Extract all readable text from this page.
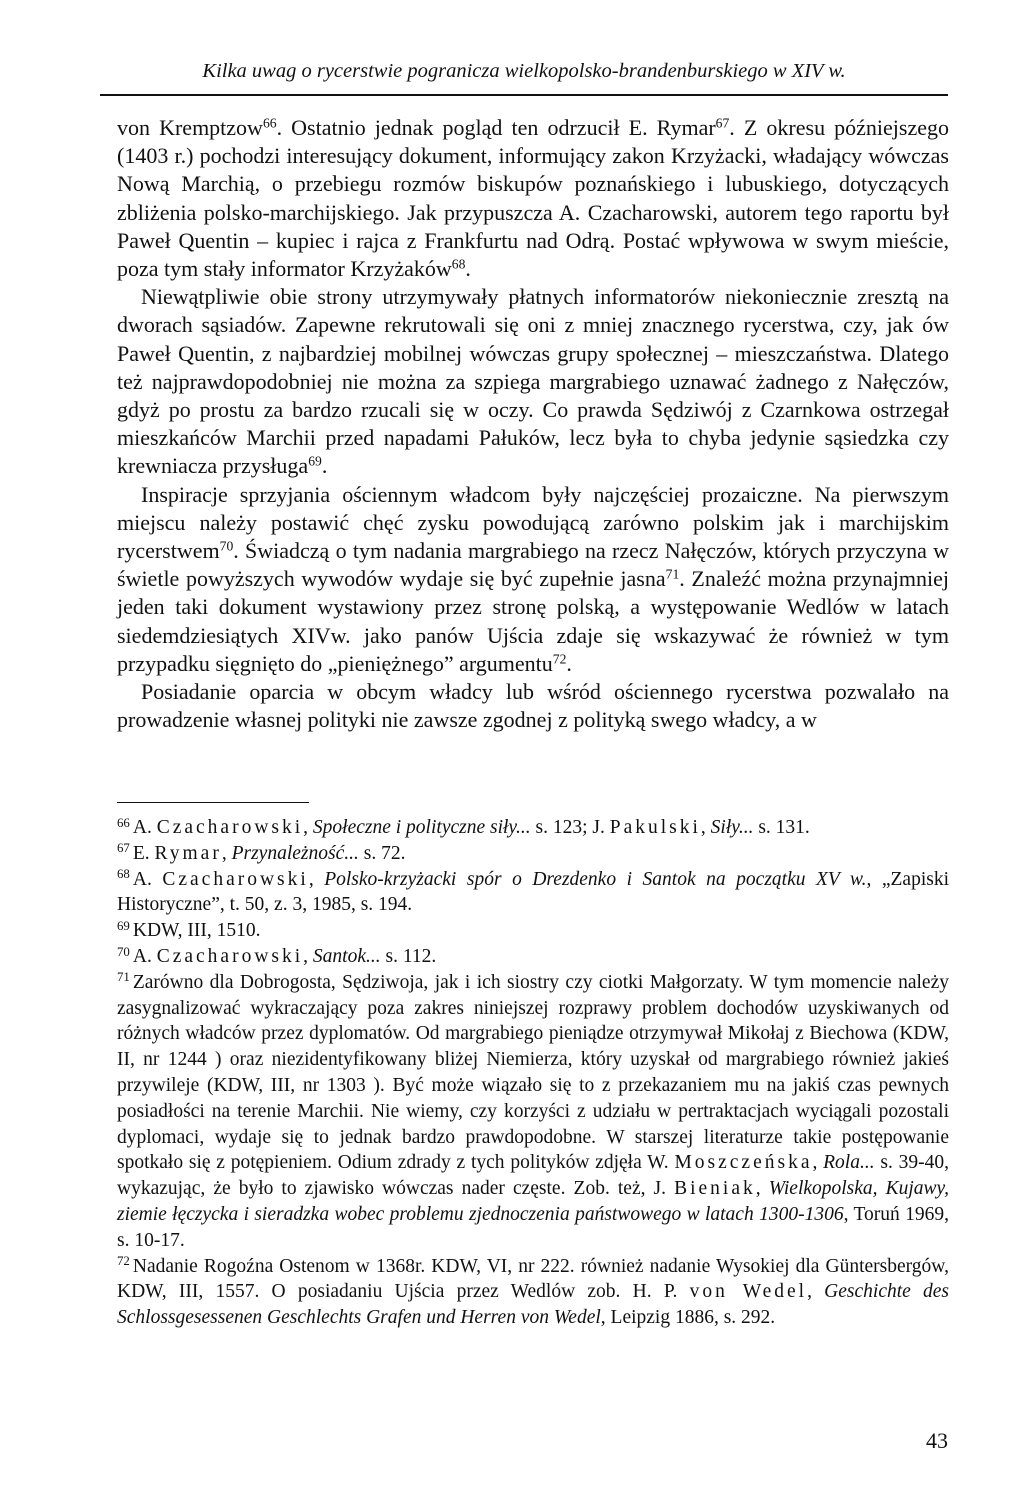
Kilka uwag o rycerstwie pogranicza wielkopolsko-brandenburskiego w XIV w.

von Kremptzow$^{66}$. Ostatnio jednak pogląd ten odrzucił E. Rymar$^{67}$. Z okresu późniejszego (1403 r.) pochodzi interesujący dokument, informujący zakon Krzyżacki, władający wówczas Nową Marchią, o przebiegu rozmów biskupów poznańskiego i lubuskiego, dotyczących zbliżenia polsko-marchijskiego. Jak przypuszcza A. Czacharowski, autorem tego raportu był Paweł Quentin – kupiec i rajca z Frankfurtu nad Odrą. Postać wpływowa w swym mieście, poza tym stały informator Krzyżaków$^{68}$.

Niewątpliwie obie strony utrzymywały płatnych informatorów niekoniecznie zresztą na dworach sąsiadów. Zapewne rekrutowali się oni z mniej znacznego rycerstwa, czy, jak ów Paweł Quentin, z najbardziej mobilnej wówczas grupy społecznej – mieszczaństwa. Dlatego też najprawdopodobniej nie można za szpiega margrabiego uznawać żadnego z Nałęczów, gdyż po prostu za bardzo rzucali się w oczy. Co prawda Sędziwój z Czarnkowa ostrzegał mieszkańców Marchii przed napadami Pałuków, lecz była to chyba jedynie sąsiedzka czy krewniacza przysługa$^{69}$.

Inspiracje sprzyjania ościennym władcom były najczęściej prozaiczne. Na pierwszym miejscu należy postawić chęć zysku powodującą zarówno polskim jak i marchijskim rycerstwem$^{70}$. Świadczą o tym nadania margrabiego na rzecz Nałęczów, których przyczyna w świetle powyższych wywodów wydaje się być zupełnie jasna$^{71}$. Znaleźć można przynajmniej jeden taki dokument wystawiony przez stronę polską, a występowanie Wedlów w latach siedemdziesiątych XIVw. jako panów Ujścia zdaje się wskazywać że również w tym przypadku sięgnięto do „pieniężnego” argumentu$^{72}$.

Posiadanie oparcia w obcym władcy lub wśród ościennego rycerstwa pozwalało na prowadzenie własnej polityki nie zawsze zgodnej z polityką swego władcy, a w

$^{66}$ A. Czacharowski, Społeczne i polityczne siły... s. 123; J. Pakulski, Siły... s. 131.

$^{67}$ E. Rymar, Przynależność... s. 72.

$^{68}$ A. Czacharowski, Polsko-krzyżacki spór o Drezdenko i Santok na początku XV w., „Zapiski Historyczne”, t. 50, z. 3, 1985, s. 194.

$^{69}$ KDW, III, 1510.

$^{70}$ A. Czacharowski, Santok... s. 112.

$^{71}$ Zarówno dla Dobrogosta, Sędziwoja, jak i ich siostry czy ciotki Małgorzaty. W tym momencie należy zasygnalizować wykraczający poza zakres niniejszej rozprawy problem dochodów uzyskiwanych od różnych władców przez dyplomatów. Od margrabiego pieniądze otrzymywał Mikołaj z Biechowa (KDW, II, nr 1244 ) oraz niezidentyfikowany bliżej Niemierza, który uzyskał od margrabiego również jakieś przywileje (KDW, III, nr 1303 ). Być może wiązało się to z przekazaniem mu na jakiś czas pewnych posiadłości na terenie Marchii. Nie wiemy, czy korzyści z udziału w pertraktacjach wyciągali pozostali dyplomaci, wydaje się to jednak bardzo prawdopodobne. W starszej literaturze takie postępowanie spotkało się z potępieniem. Odium zdrady z tych polityków zdjęła W. Moszczeńska, Rola... s. 39-40, wykazując, że było to zjawisko wówczas nader częste. Zob. też, J. Bieniak, Wielkopolska, Kujawy, ziemie łęczycka i sieradzka wobec problemu zjednoczenia państwowego w latach 1300-1306, Toruń 1969, s. 10-17.

$^{72}$ Nadanie Rogoźna Ostenom w 1368r. KDW, VI, nr 222. również nadanie Wysokiej dla Güntersbergów, KDW, III, 1557. O posiadaniu Ujścia przez Wedlów zob. H. P. von Wedel, Geschichte des Schlossgesessenen Geschlechts Grafen und Herren von Wedel, Leipzig 1886, s. 292.

43
